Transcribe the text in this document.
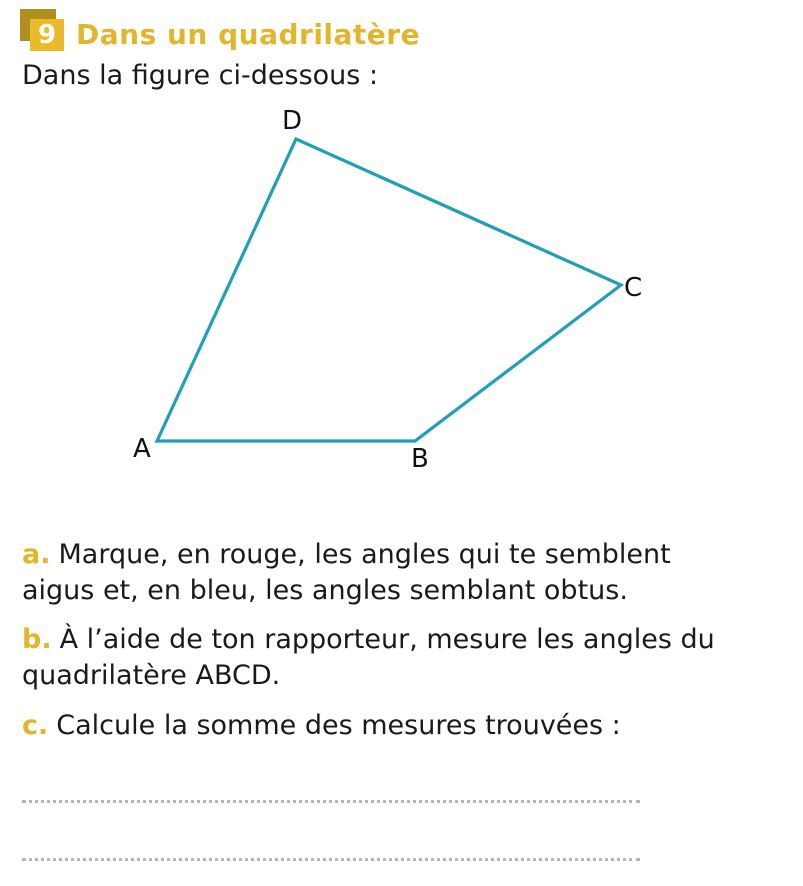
9 Dans un quadrilatère
Dans la figure ci-dessous :
A	B
C
D
a. Marque, en rouge, les angles qui te semblent
aigus et, en bleu, les angles semblant obtus.
b. À l’aide de ton rapporteur, mesure les angles du
quadrilatère ABCD.
c. Calcule la somme des mesures trouvées :
